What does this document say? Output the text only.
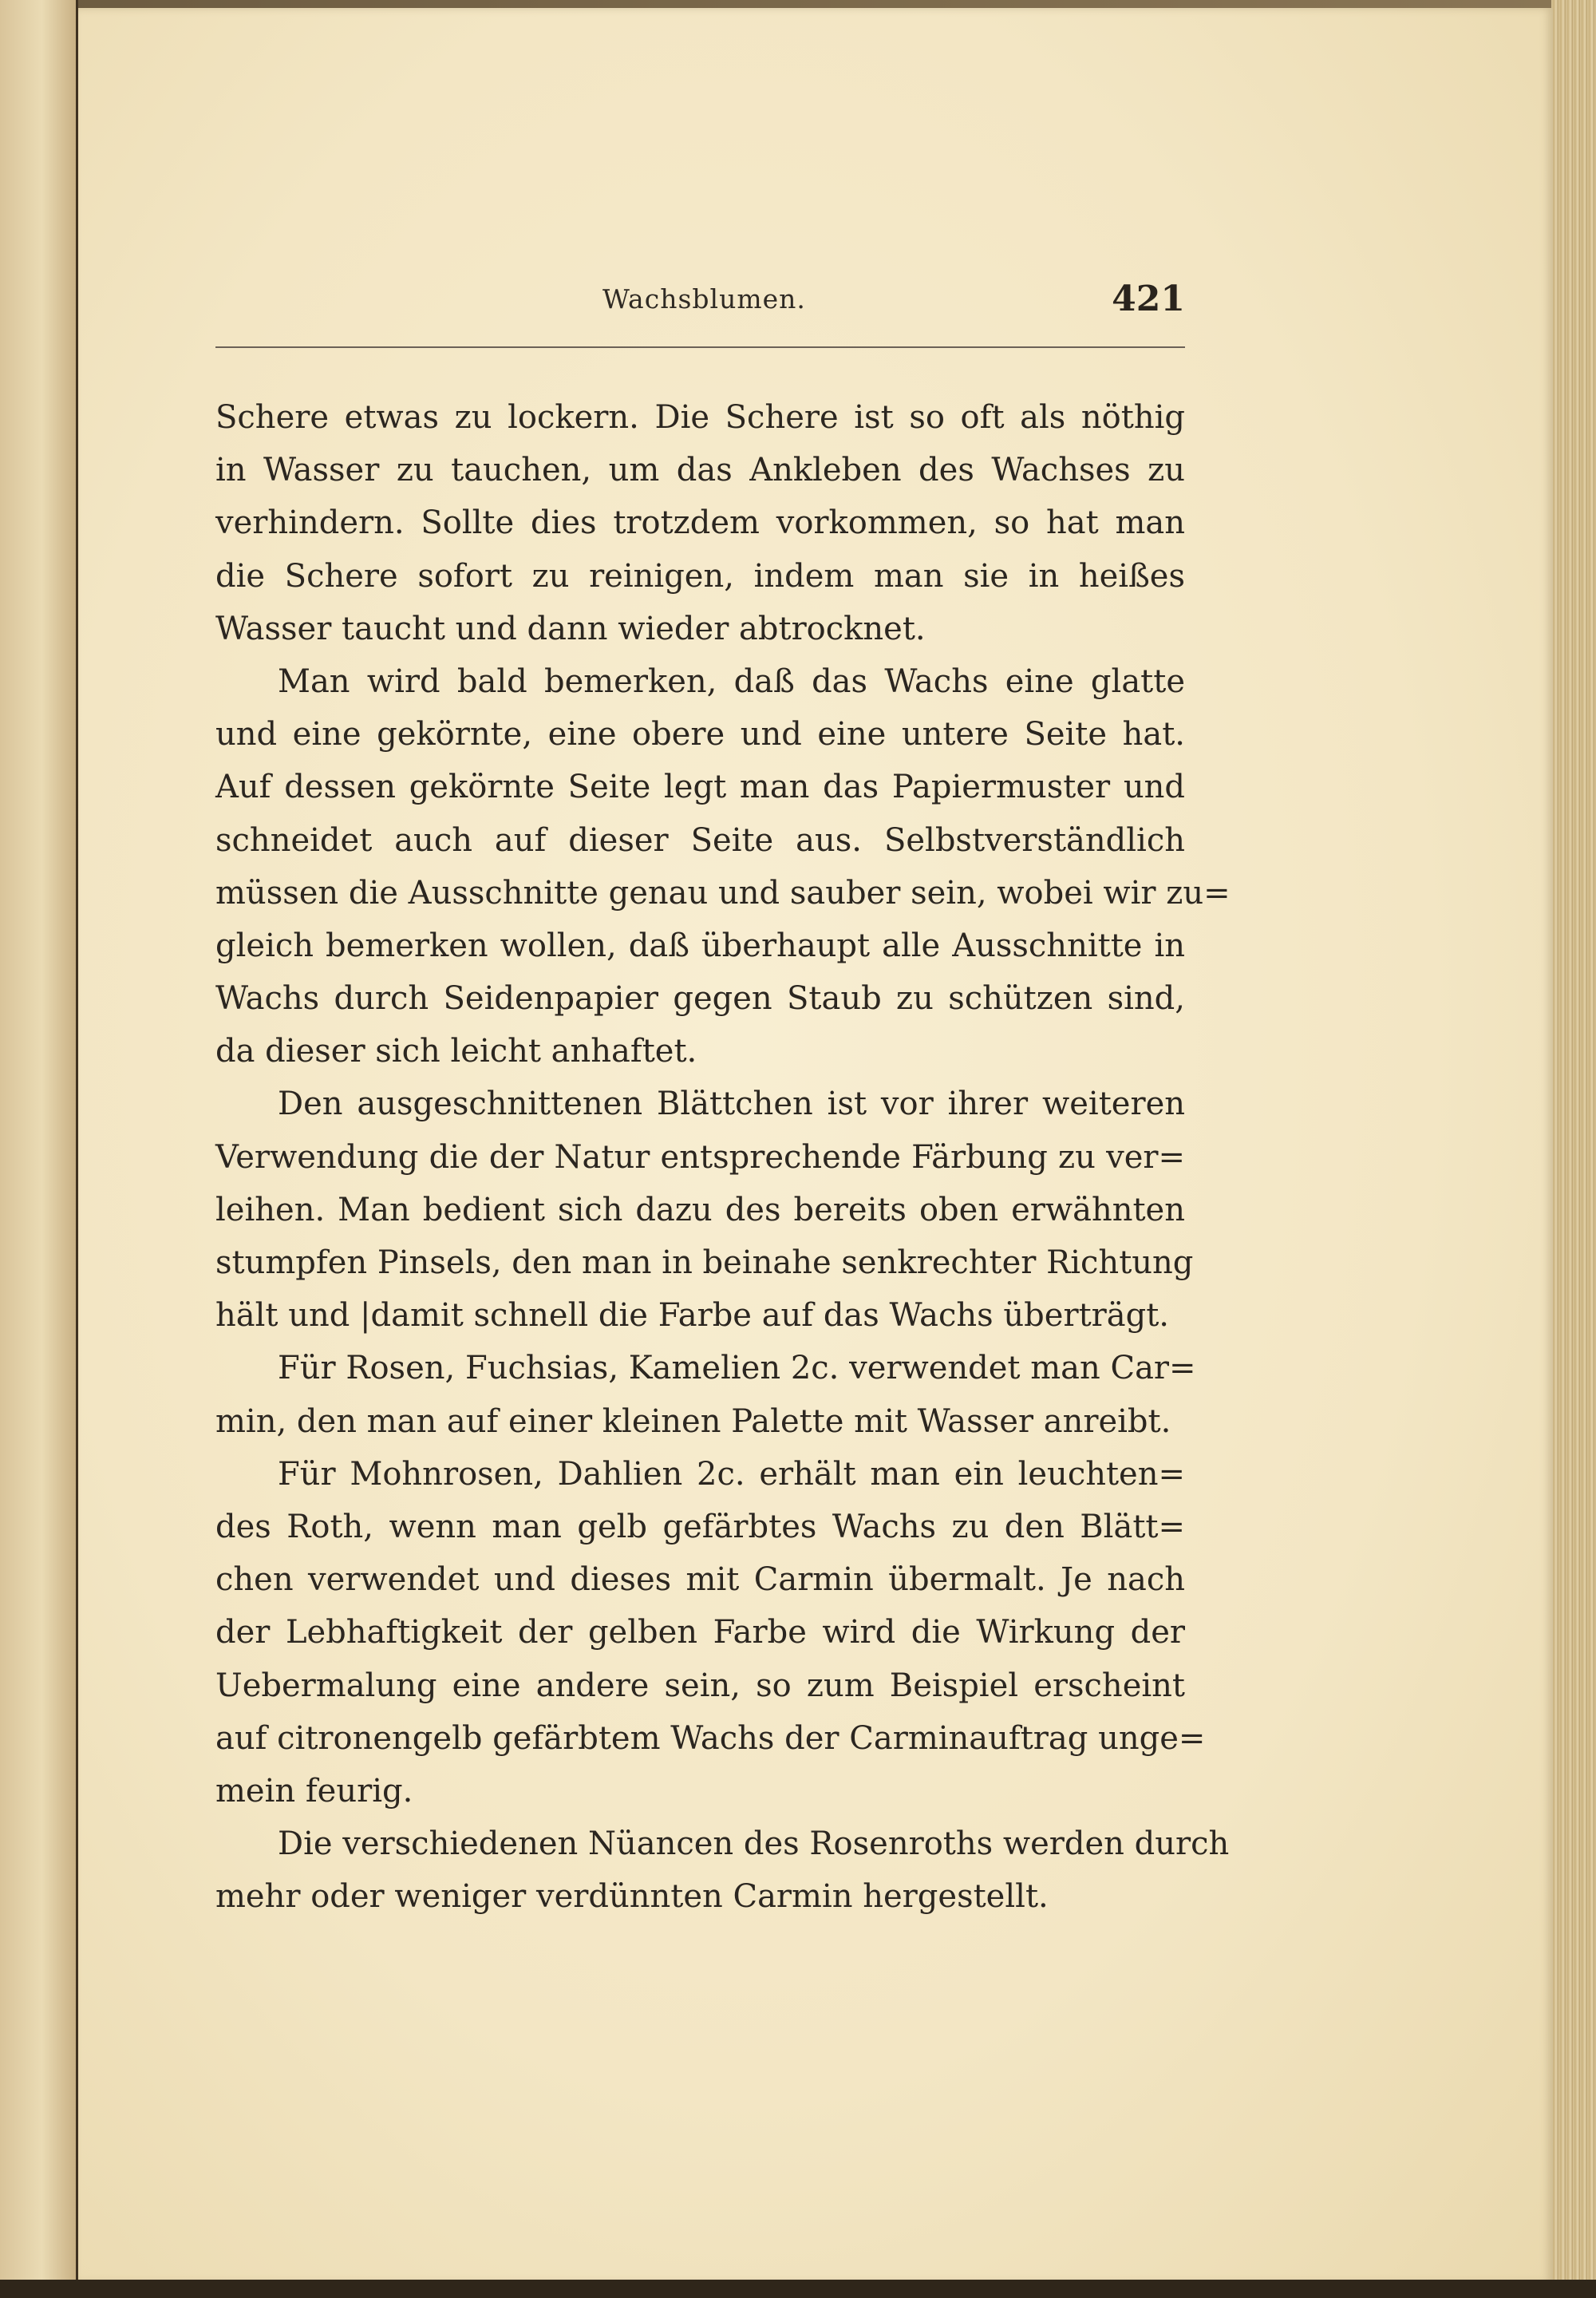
Wachsblumen.	421
Schere etwas zu lockern. Die Schere ist so oft als nöthig
in Wasser zu tauchen, um das Ankleben des Wachses zu
verhindern. Sollte dies trotzdem vorkommen, so hat man
die Schere sofort zu reinigen, indem man sie in heißes
Wasser taucht und dann wieder abtrocknet.
Man wird bald bemerken, daß das Wachs eine glatte
und eine gekörnte, eine obere und eine untere Seite hat.
Auf dessen gekörnte Seite legt man das Papiermuster und
schneidet auch auf dieser Seite aus. Selbstverständlich
müssen die Ausschnitte genau und sauber sein, wobei wir zu=
gleich bemerken wollen, daß überhaupt alle Ausschnitte in
Wachs durch Seidenpapier gegen Staub zu schützen sind,
da dieser sich leicht anhaftet.
Den ausgeschnittenen Blättchen ist vor ihrer weiteren
Verwendung die der Natur entsprechende Färbung zu ver=
leihen. Man bedient sich dazu des bereits oben erwähnten
stumpfen Pinsels, den man in beinahe senkrechter Richtung
hält und |damit schnell die Farbe auf das Wachs überträgt.
Für Rosen, Fuchsias, Kamelien 2c. verwendet man Car=
min, den man auf einer kleinen Palette mit Wasser anreibt.
Für Mohnrosen, Dahlien 2c. erhält man ein leuchten=
des Roth, wenn man gelb gefärbtes Wachs zu den Blätt=
chen verwendet und dieses mit Carmin übermalt. Je nach
der Lebhaftigkeit der gelben Farbe wird die Wirkung der
Uebermalung eine andere sein, so zum Beispiel erscheint
auf citronengelb gefärbtem Wachs der Carminauftrag unge=
mein feurig.
Die verschiedenen Nüancen des Rosenroths werden durch
mehr oder weniger verdünnten Carmin hergestellt.
